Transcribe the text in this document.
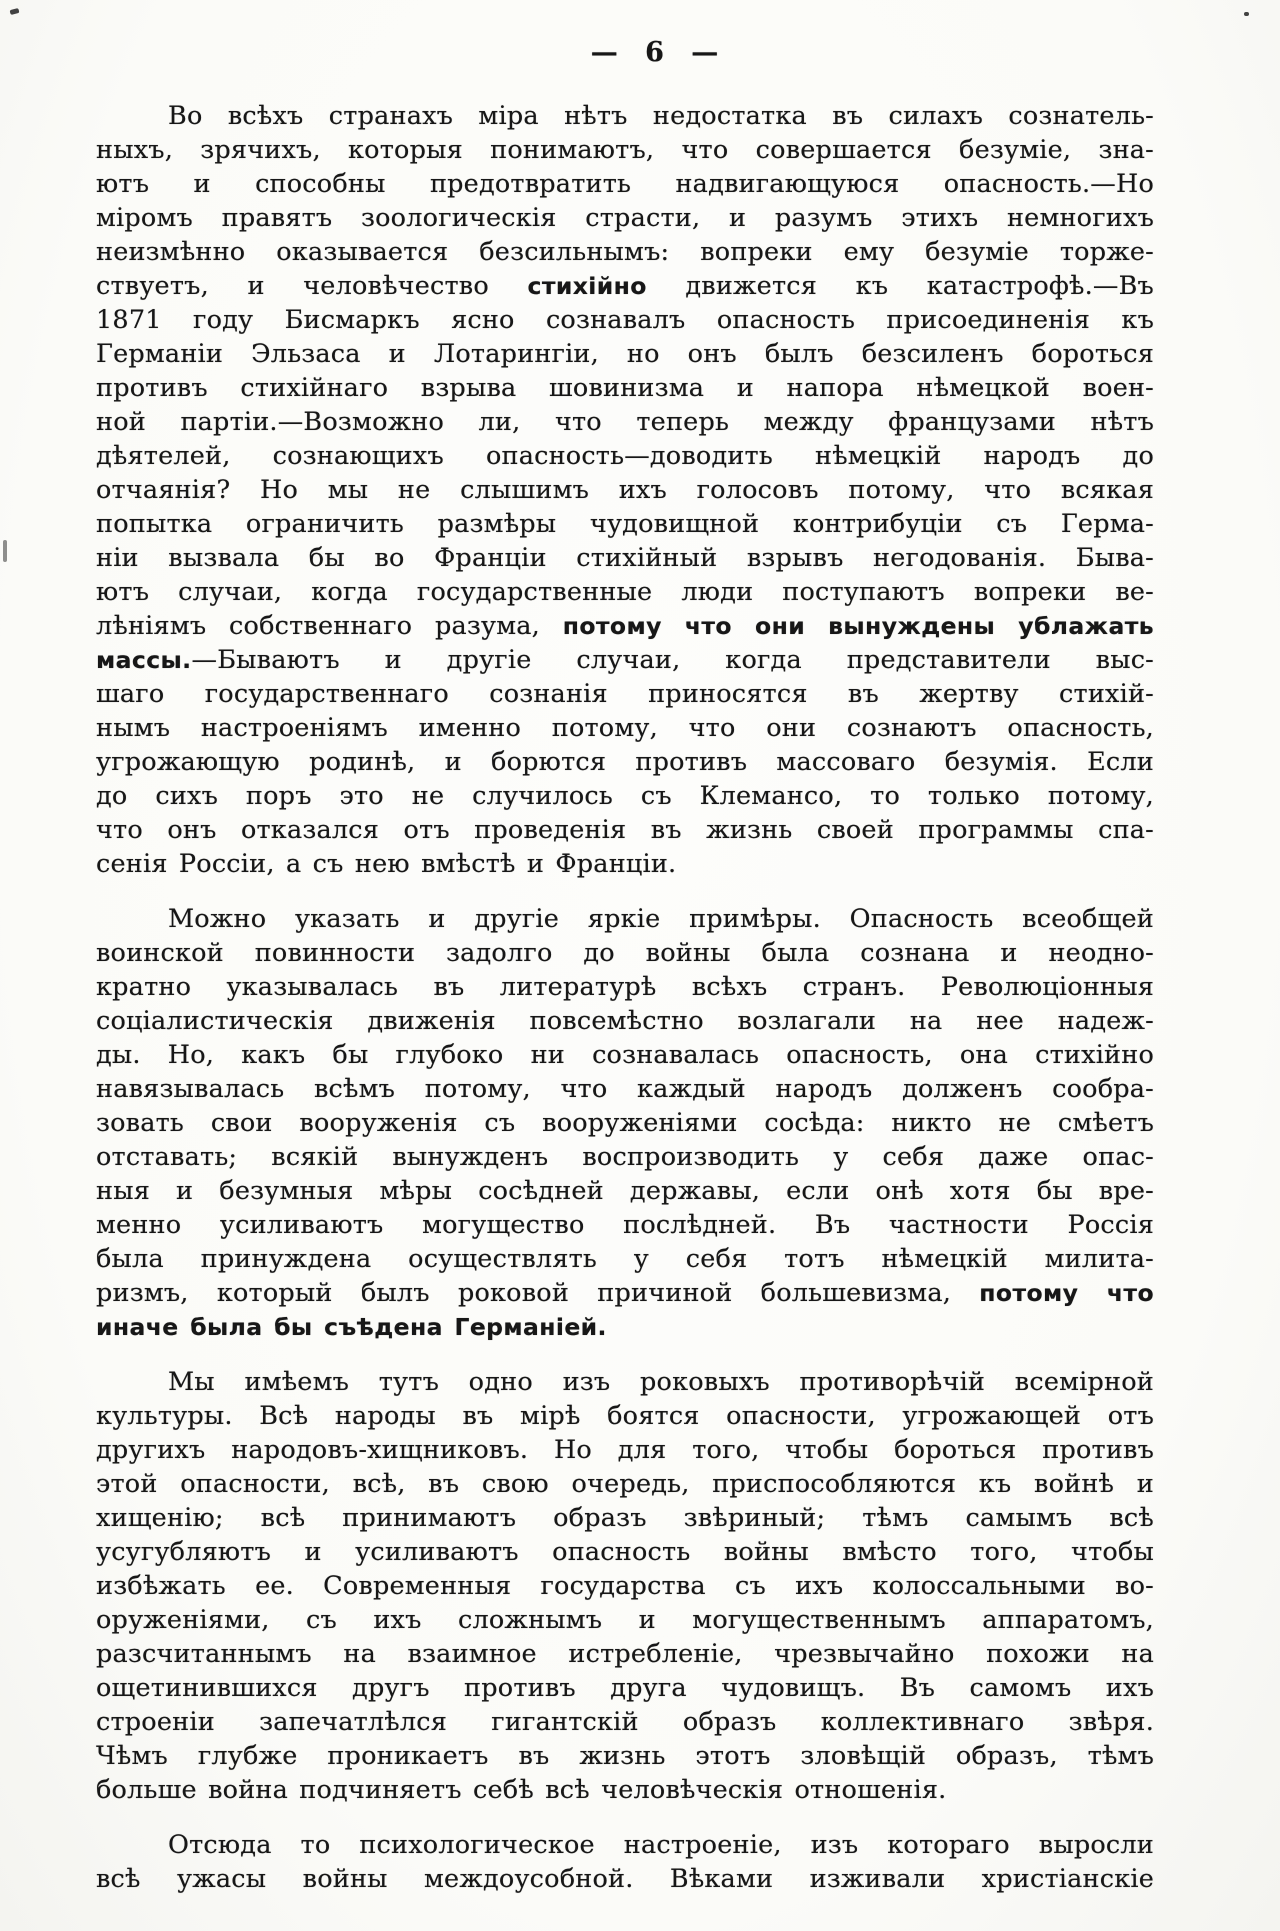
— 6 —
Во всѣхъ странахъ міра нѣтъ недостатка въ силахъ сознатель-
ныхъ, зрячихъ, которыя понимаютъ, что совершается безуміе, зна-
ютъ и способны предотвратить надвигающуюся опасность.—Но
міромъ правятъ зоологическія страсти, и разумъ этихъ немногихъ
неизмѣнно оказывается безсильнымъ: вопреки ему безуміе торже-
ствуетъ, и человѣчество стихійно движется къ катастрофѣ.—Въ
1871 году Бисмаркъ ясно сознавалъ опасность присоединенія къ
Германіи Эльзаса и Лотарингіи, но онъ былъ безсиленъ бороться
противъ стихійнаго взрыва шовинизма и напора нѣмецкой воен-
ной партіи.—Возможно ли, что теперь между французами нѣтъ
дѣятелей, сознающихъ опасность—доводить нѣмецкій народъ до
отчаянія? Но мы не слышимъ ихъ голосовъ потому, что всякая
попытка ограничить размѣры чудовищной контрибуціи съ Герма-
ніи вызвала бы во Франціи стихійный взрывъ негодованія. Быва-
ютъ случаи, когда государственные люди поступаютъ вопреки ве-
лѣніямъ собственнаго разума, потому что они вынуждены ублажать
массы.—Бываютъ и другіе случаи, когда представители выс-
шаго государственнаго сознанія приносятся въ жертву стихій-
нымъ настроеніямъ именно потому, что они сознаютъ опасность,
угрожающую родинѣ, и борются противъ массоваго безумія. Если
до сихъ поръ это не случилось съ Клемансо, то только потому,
что онъ отказался отъ проведенія въ жизнь своей программы спа-
сенія Россіи, а съ нею вмѣстѣ и Франціи.
Можно указать и другіе яркіе примѣры. Опасность всеобщей
воинской повинности задолго до войны была сознана и неодно-
кратно указывалась въ литературѣ всѣхъ странъ. Революціонныя
соціалистическія движенія повсемѣстно возлагали на нее надеж-
ды. Но, какъ бы глубоко ни сознавалась опасность, она стихійно
навязывалась всѣмъ потому, что каждый народъ долженъ сообра-
зовать свои вооруженія съ вооруженіями сосѣда: никто не смѣетъ
отставать; всякій вынужденъ воспроизводить у себя даже опас-
ныя и безумныя мѣры сосѣдней державы, если онѣ хотя бы вре-
менно усиливаютъ могущество послѣдней. Въ частности Россія
была принуждена осуществлять у себя тотъ нѣмецкій милита-
ризмъ, который былъ роковой причиной большевизма, потому что
иначе была бы съѣдена Германіей.
Мы имѣемъ тутъ одно изъ роковыхъ противорѣчій всемірной
культуры. Всѣ народы въ мірѣ боятся опасности, угрожающей отъ
другихъ народовъ-хищниковъ. Но для того, чтобы бороться противъ
этой опасности, всѣ, въ свою очередь, приспособляются къ войнѣ и
хищенію; всѣ принимаютъ образъ звѣриный; тѣмъ самымъ всѣ
усугубляютъ и усиливаютъ опасность войны вмѣсто того, чтобы
избѣжать ее. Современныя государства съ ихъ колоссальными во-
оруженіями, съ ихъ сложнымъ и могущественнымъ аппаратомъ,
разсчитаннымъ на взаимное истребленіе, чрезвычайно похожи на
ощетинившихся другъ противъ друга чудовищъ. Въ самомъ ихъ
строеніи запечатлѣлся гигантскій образъ коллективнаго звѣря.
Чѣмъ глубже проникаетъ въ жизнь этотъ зловѣщій образъ, тѣмъ
больше война подчиняетъ себѣ всѣ человѣческія отношенія.
Отсюда то психологическое настроеніе, изъ котораго выросли
всѣ ужасы войны междоусобной. Вѣками изживали христіанскіе
